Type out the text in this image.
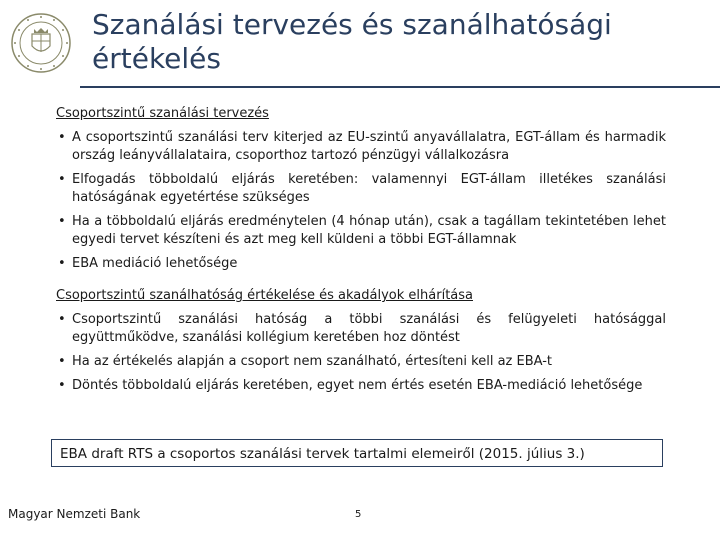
Szanálási tervezés és szanálhatósági értékelés
Csoportszintű szanálási tervezés
• A csoportszintű szanálási terv kiterjed az EU-szintű anyavállalatra, EGT-állam és harmadik ország leányvállalataira, csoporthoz tartozó pénzügyi vállalkozásra
• Elfogadás többoldalú eljárás keretében: valamennyi EGT-állam illetékes szanálási hatóságának egyetértése szükséges
• Ha a többoldalú eljárás eredménytelen (4 hónap után), csak a tagállam tekintetében lehet egyedi tervet készíteni és azt meg kell küldeni a többi EGT-államnak
• EBA mediáció lehetősége
Csoportszintű szanálhatóság értékelése és akadályok elhárítása
• Csoportszintű szanálási hatóság a többi szanálási és felügyeleti hatósággal együttműködve, szanálási kollégium keretében hoz döntést
• Ha az értékelés alapján a csoport nem szanálható, értesíteni kell az EBA-t
• Döntés többoldalú eljárás keretében, egyet nem értés esetén EBA-mediáció lehetősége
EBA draft RTS a csoportos szanálási tervek tartalmi elemeiről (2015. július 3.)
Magyar Nemzeti Bank	5
